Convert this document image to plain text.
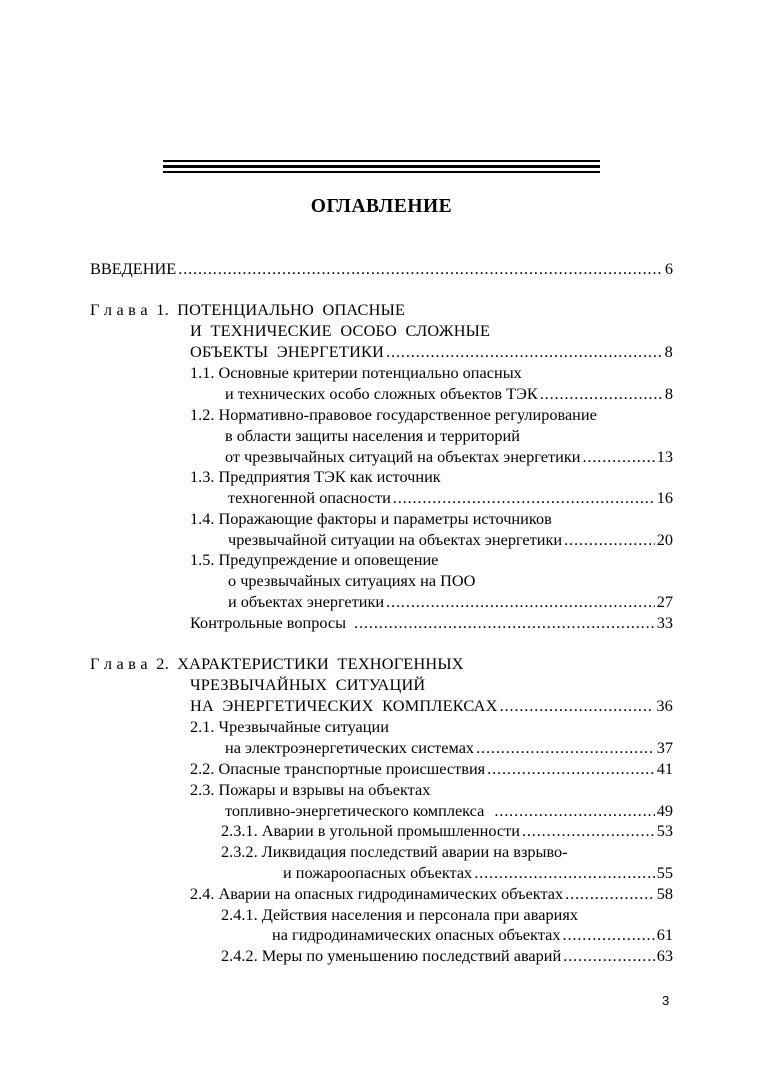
ОГЛАВЛЕНИЕ
ВВЕДЕНИЕ . . .	6
Г л а в а  1. ПОТЕНЦИАЛЬНО  ОПАСНЫЕ
И  ТЕХНИЧЕСКИЕ  ОСОБО  СЛОЖНЫЕ
ОБЪЕКТЫ  ЭНЕРГЕТИКИ . . .	8
1.1. Основные критерии потенциально опасных
и технических особо сложных объектов ТЭК . . .	8
1.2. Нормативно-правовое государственное регулирование
в области защиты населения и территорий
от чрезвычайных ситуаций на объектах энергетики . . .	13
1.3. Предприятия ТЭК как источник
техногенной опасности . . .	16
1.4. Поражающие факторы и параметры источников
чрезвычайной ситуации на объектах энергетики . . .	20
1.5. Предупреждение и оповещение
о чрезвычайных ситуациях на ПОО
и объектах энергетики . . .	27
Контрольные вопросы . . .	33
Г л а в а  2. ХАРАКТЕРИСТИКИ  ТЕХНОГЕННЫХ
ЧРЕЗВЫЧАЙНЫХ  СИТУАЦИЙ
НА  ЭНЕРГЕТИЧЕСКИХ  КОМПЛЕКСАХ . . .	36
2.1. Чрезвычайные ситуации
на электроэнергетических системах . . .	37
2.2. Опасные транспортные происшествия . . .	41
2.3. Пожары и взрывы на объектах
топливно-энергетического комплекса . . .	49
2.3.1. Аварии в угольной промышленности . . .	53
2.3.2. Ликвидация последствий аварии на взрыво-
и пожароопасных объектах . . .	55
2.4. Аварии на опасных гидродинамических объектах . . .	58
2.4.1. Действия населения и персонала при авариях
на гидродинамических опасных объектах . . .	61
2.4.2. Меры по уменьшению последствий аварий . . .	63
3
